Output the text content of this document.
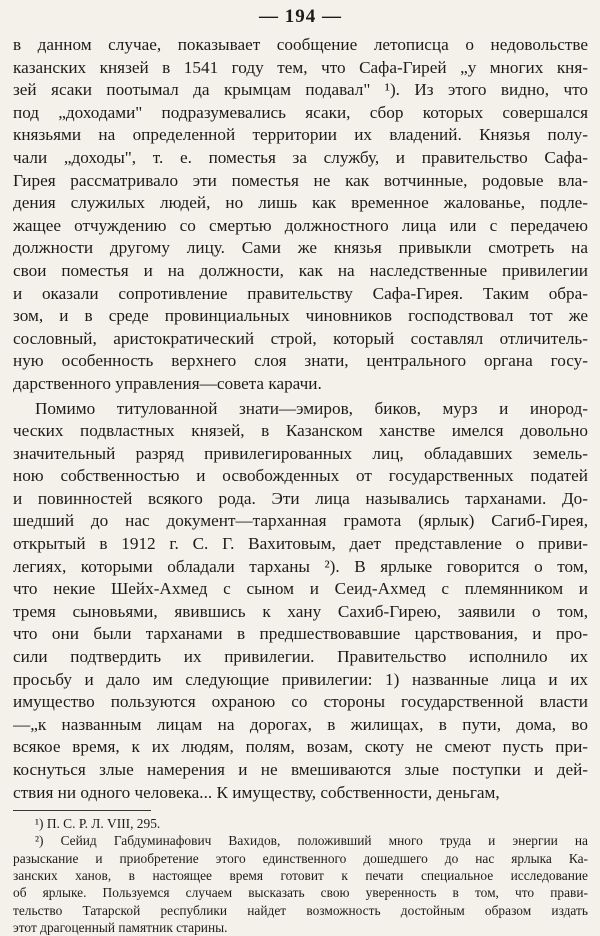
— 194 —
в данном случае, показывает сообщение летописца о недовольстве
казанских князей в 1541 году тем, что Сафа-Гирей „у многих кня-
зей ясаки поотымал да крымцам подавал" ¹). Из этого видно, что
под „доходами" подразумевались ясаки, сбор которых совершался
князьями на определенной территории их владений. Князья полу-
чали „доходы", т. е. поместья за службу, и правительство Сафа-
Гирея рассматривало эти поместья не как вотчинные, родовые вла-
дения служилых людей, но лишь как временное жалованье, подле-
жащее отчуждению со смертью должностного лица или с передачею
должности другому лицу. Сами же князья привыкли смотреть на
свои поместья и на должности, как на наследственные привилегии
и оказали сопротивление правительству Сафа-Гирея. Таким обра-
зом, и в среде провинциальных чиновников господствовал тот же
сословный, аристократический строй, который составлял отличитель-
ную особенность верхнего слоя знати, центрального органа госу-
дарственного управления—совета карачи.
Помимо титулованной знати—эмиров, биков, мурз и инород-
ческих подвластных князей, в Казанском ханстве имелся довольно
значительный разряд привилегированных лиц, обладавших земель-
ною собственностью и освобожденных от государственных податей
и повинностей всякого рода. Эти лица назывались тарханами. До-
шедший до нас документ—тарханная грамота (ярлык) Сагиб-Гирея,
открытый в 1912 г. С. Г. Вахитовым, дает представление о приви-
легиях, которыми обладали тарханы ²). В ярлыке говорится о том,
что некие Шейх-Ахмед с сыном и Сеид-Ахмед с племянником и
тремя сыновьями, явившись к хану Сахиб-Гирею, заявили о том,
что они были тарханами в предшествовавшие царствования, и про-
сили подтвердить их привилегии. Правительство исполнило их
просьбу и дало им следующие привилегии: 1) названные лица и их
имущество пользуются охраною со стороны государственной власти
—„к названным лицам на дорогах, в жилищах, в пути, дома, во
всякое время, к их людям, полям, возам, скоту не смеют пусть при-
коснуться злые намерения и не вмешиваются злые поступки и дей-
ствия ни одного человека... К имуществу, собственности, деньгам,
¹) П. С. Р. Л. VIII, 295.
²) Сейид Габдуминафович Вахидов, положивший много труда и энергии на
разыскание и приобретение этого единственного дошедшего до нас ярлыка Ка-
занских ханов, в настоящее время готовит к печати специальное исследование
об ярлыке. Пользуемся случаем высказать свою уверенность в том, что прави-
тельство Татарской республики найдет возможность достойным образом издать
этот драгоценный памятник старины.
